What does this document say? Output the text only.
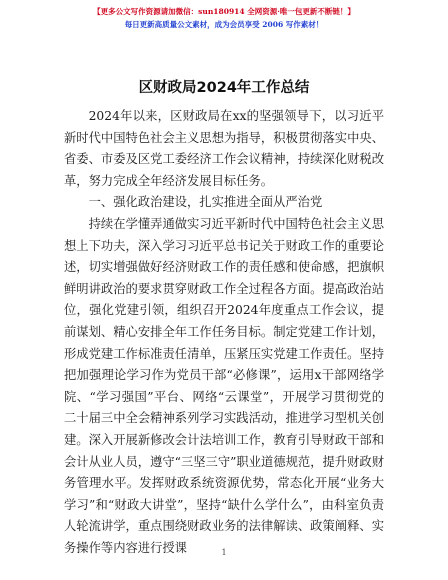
【更多公文写作资源请加微信：sun180914 全网资源·唯一包更新不断链！】
每日更新高质量公文素材，成为会员享受 2006 写作素材！
区财政局2024年工作总结

2024年以来，区财政局在xx的坚强领导下，以习近平新时代中国特色社会主义思想为指导，积极贯彻落实中央、省委、市委及区党工委经济工作会议精神，持续深化财税改革，努力完成全年经济发展目标任务。

一、强化政治建设，扎实推进全面从严治党

持续在学懂弄通做实习近平新时代中国特色社会主义思想上下功夫，深入学习习近平总书记关于财政工作的重要论述，切实增强做好经济财政工作的责任感和使命感，把旗帜鲜明讲政治的要求贯穿财政工作全过程各方面。提高政治站位，强化党建引领，组织召开2024年度重点工作会议，提前谋划、精心安排全年工作任务目标。制定党建工作计划，形成党建工作标准责任清单，压紧压实党建工作责任。坚持把加强理论学习作为党员干部“必修课”，运用x干部网络学院、“学习强国”平台、网络“云课堂”，开展学习贯彻党的二十届三中全会精神系列学习实践活动，推进学习型机关创建。深入开展新修改会计法培训工作，教育引导财政干部和会计从业人员，遵守“三坚三守”职业道德规范，提升财政财务管理水平。发挥财政系统资源优势，常态化开展“业务大学习”和“财政大讲堂”，坚持“缺什么学什么”，由科室负责人轮流讲学，重点围绕财政业务的法律解读、政策阐释、实务操作等内容进行授课	1
